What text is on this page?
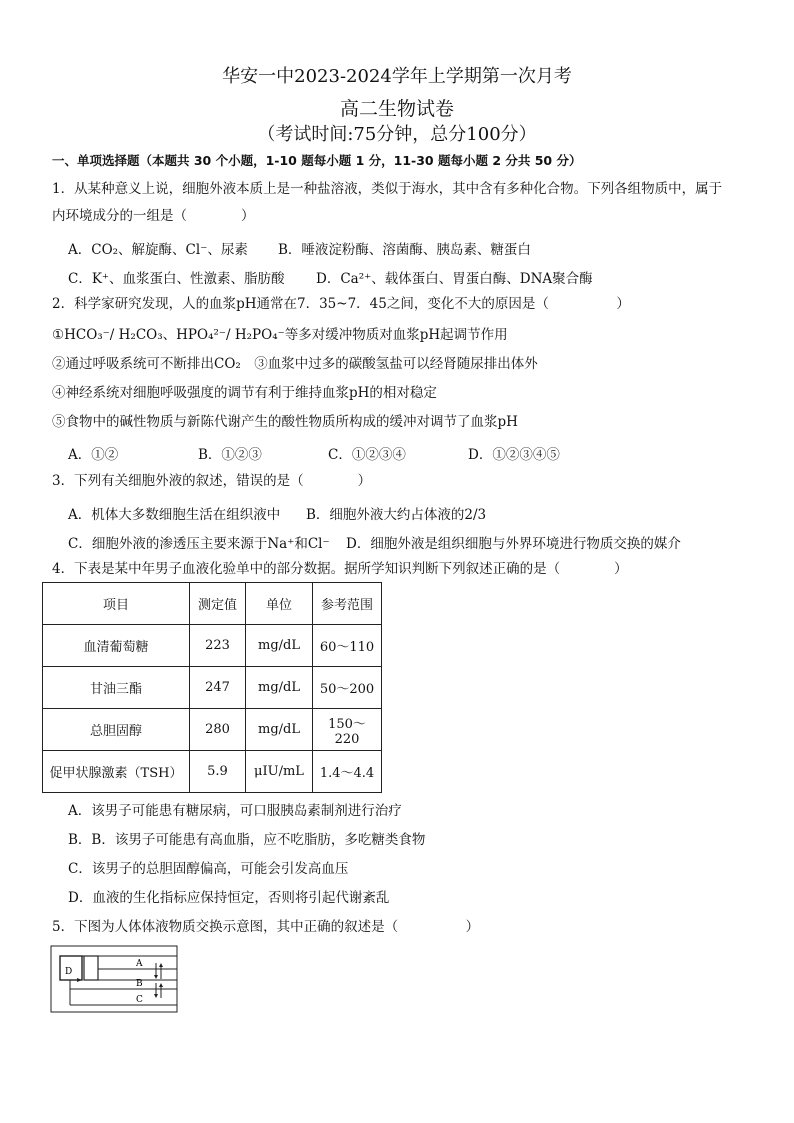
华安一中2023-2024学年上学期第一次月考
高二生物试卷
（考试时间:75分钟，总分100分）
一、单项选择题（本题共 30 个小题，1-10 题每小题 1 分，11-30 题每小题 2 分共 50 分）
1．从某种意义上说，细胞外液本质上是一种盐溶液，类似于海水，其中含有多种化合物。下列各组物质中，属于
内环境成分的一组是（　　　　）
A．CO₂、解旋酶、Cl⁻、尿素 B．唾液淀粉酶、溶菌酶、胰岛素、糖蛋白
C．K⁺、血浆蛋白、性激素、脂肪酸 D．Ca²⁺、载体蛋白、胃蛋白酶、DNA聚合酶
2．科学家研究发现，人的血浆pH通常在7．35~7．45之间，变化不大的原因是（　　　　　）
①HCO₃⁻/ H₂CO₃、HPO₄²⁻/ H₂PO₄⁻等多对缓冲物质对血浆pH起调节作用
②通过呼吸系统可不断排出CO₂　③血浆中过多的碳酸氢盐可以经肾随尿排出体外
④神经系统对细胞呼吸强度的调节有利于维持血浆pH的相对稳定
⑤食物中的碱性物质与新陈代谢产生的酸性物质所构成的缓冲对调节了血浆pH
A．①②	B．①②③	C．①②③④	D．①②③④⑤
3．下列有关细胞外液的叙述，错误的是（　　　　）
A．机体大多数细胞生活在组织液中 B．细胞外液大约占体液的2/3
C．细胞外液的渗透压主要来源于Na⁺和Cl⁻ D．细胞外液是组织细胞与外界环境进行物质交换的媒介
4．下表是某中年男子血液化验单中的部分数据。据所学知识判断下列叙述正确的是（　　　　）
项目	测定值	单位	参考范围
血清葡萄糖	223	mg/dL	60～110
甘油三酯	247	mg/dL	50～200
总胆固醇	280	mg/dL	150～220
促甲状腺激素（TSH）	5.9	μIU/mL	1.4～4.4
A．该男子可能患有糖尿病，可口服胰岛素制剂进行治疗
B．B．该男子可能患有高血脂，应不吃脂肪，多吃糖类食物
C．该男子的总胆固醇偏高，可能会引发高血压
D．血液的生化指标应保持恒定，否则将引起代谢紊乱
5．下图为人体体液物质交换示意图，其中正确的叙述是（　　　　　）
D
A
B
C
